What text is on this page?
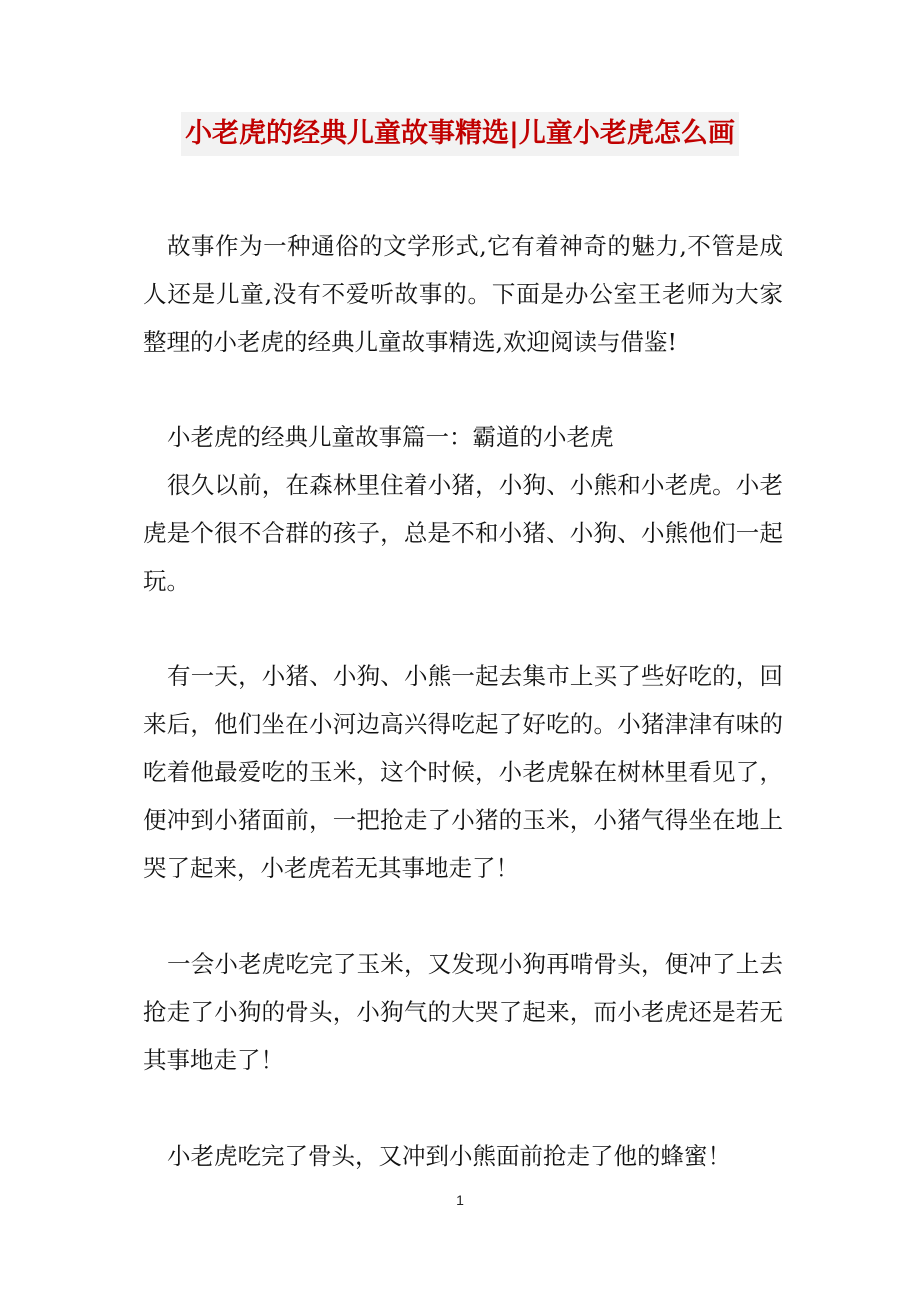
小老虎的经典儿童故事精选|儿童小老虎怎么画

故事作为一种通俗的文学形式,它有着神奇的魅力,不管是成人还是儿童,没有不爱听故事的。下面是办公室王老师为大家整理的小老虎的经典儿童故事精选,欢迎阅读与借鉴!

小老虎的经典儿童故事篇一：霸道的小老虎

很久以前，在森林里住着小猪，小狗、小熊和小老虎。小老虎是个很不合群的孩子，总是不和小猪、小狗、小熊他们一起玩。

有一天，小猪、小狗、小熊一起去集市上买了些好吃的，回来后，他们坐在小河边高兴得吃起了好吃的。小猪津津有味的吃着他最爱吃的玉米，这个时候，小老虎躲在树林里看见了，便冲到小猪面前，一把抢走了小猪的玉米，小猪气得坐在地上哭了起来，小老虎若无其事地走了！

一会小老虎吃完了玉米，又发现小狗再啃骨头，便冲了上去抢走了小狗的骨头，小狗气的大哭了起来，而小老虎还是若无其事地走了！

小老虎吃完了骨头，又冲到小熊面前抢走了他的蜂蜜！

1
